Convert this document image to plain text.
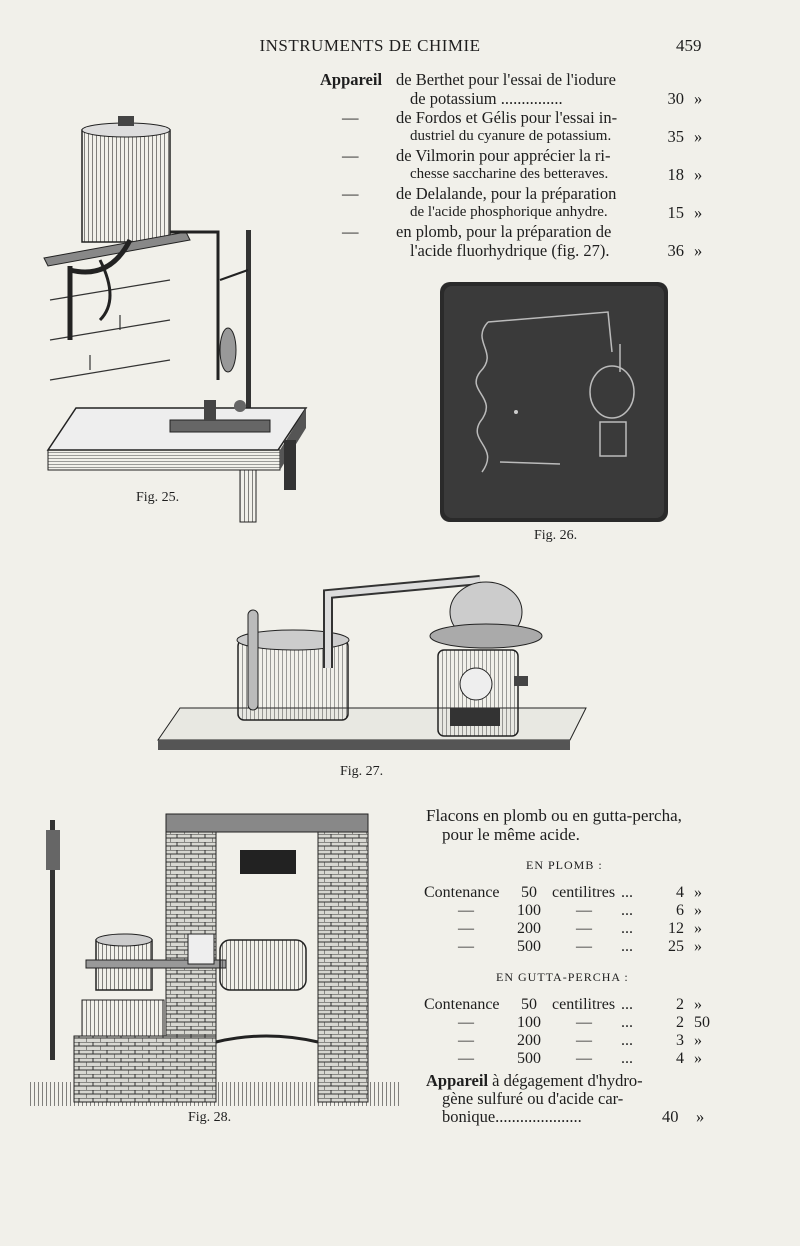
INSTRUMENTS DE CHIMIE	459
Appareil de Berthet pour l'essai de l'iodure
de potassium ...............	30 »
— de Fordos et Gélis pour l'essai in-
dustriel du cyanure de potassium.	35 »
— de Vilmorin pour apprécier la ri-
chesse saccharine des betteraves.	18 »
— de Delalande, pour la préparation
de l'acide phosphorique anhydre.	15 »
— en plomb, pour la préparation de
l'acide fluorhydrique (fig. 27).	36 »
Fig. 25.
Fig. 26.
Fig. 27.
Fig. 28.
Flacons en plomb ou en gutta-percha,
pour le même acide.
EN PLOMB :
Contenance	50 centilitres ...	4 »
—	100	— ...	6 »
—	200	— ...	12 »
—	500	— ...	25 »
EN GUTTA-PERCHA :
Contenance	50 centilitres ...	2 »
—	100	— ...	2 50
—	200	— ...	3 »
—	500	— ...	4 »
Appareil à dégagement d'hydro-
gène sulfuré ou d'acide car-
bonique.....................	40 »
